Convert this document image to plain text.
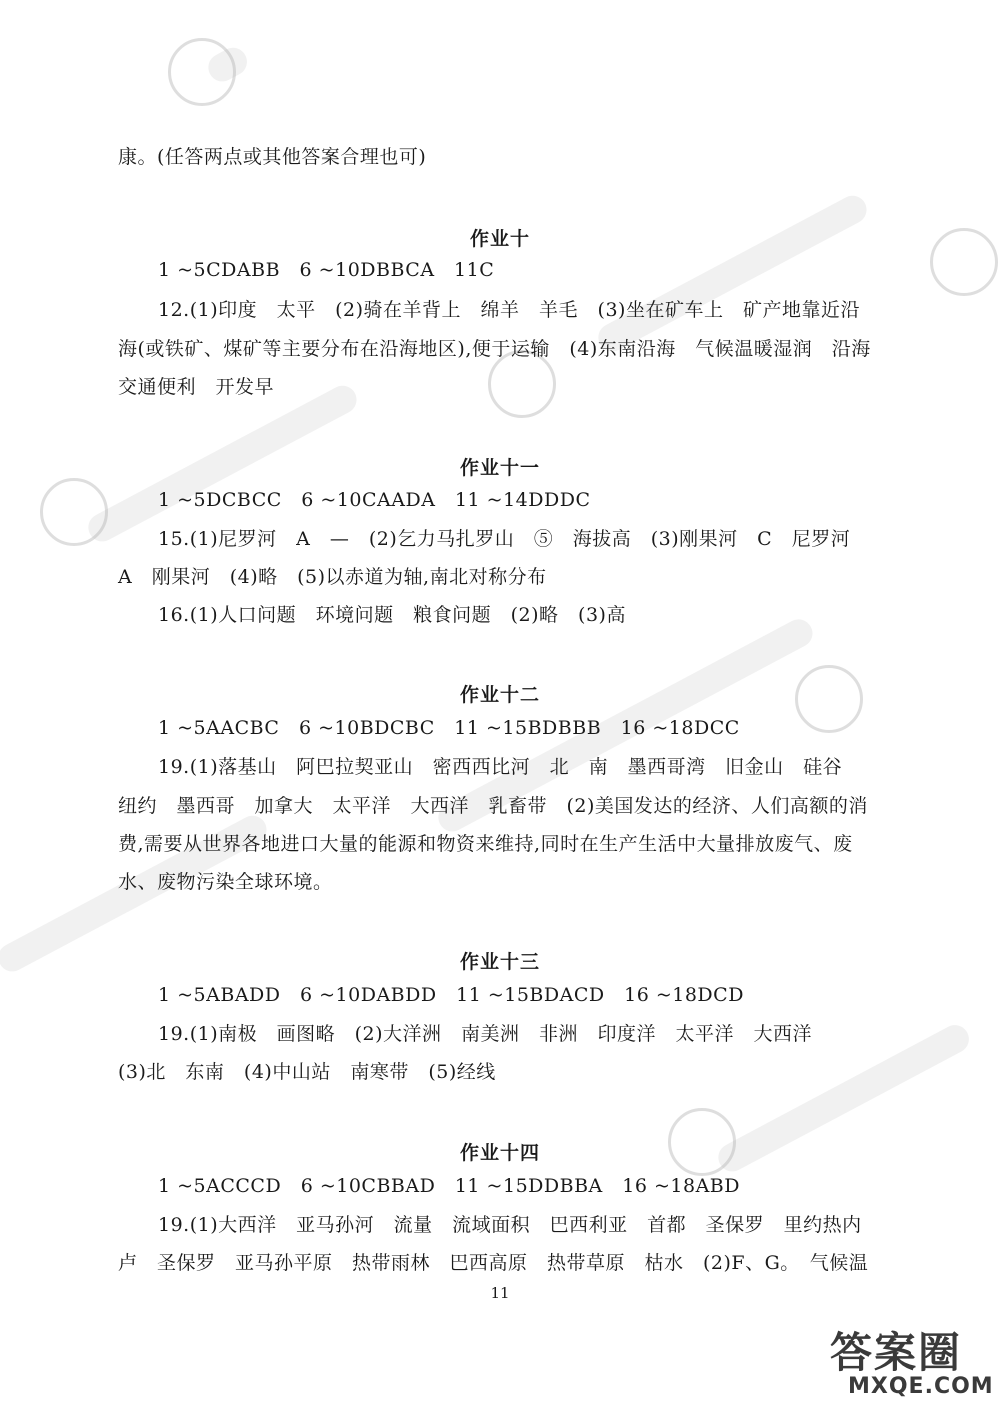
康。(任答两点或其他答案合理也可)
作业十
1 ~5CDABB　6 ~10DBBCA　11C
12.(1)印度　太平　(2)骑在羊背上　绵羊　羊毛　(3)坐在矿车上　矿产地靠近沿
海(或铁矿、煤矿等主要分布在沿海地区),便于运输　(4)东南沿海　气候温暖湿润　沿海
交通便利　开发早
作业十一
1 ~5DCBCC　6 ~10CAADA　11 ~14DDDC
15.(1)尼罗河　A　—　(2)乞力马扎罗山　⑤　海拔高　(3)刚果河　C　尼罗河
A　刚果河　(4)略　(5)以赤道为轴,南北对称分布
16.(1)人口问题　环境问题　粮食问题　(2)略　(3)高
作业十二
1 ~5AACBC　6 ~10BDCBC　11 ~15BDBBB　16 ~18DCC
19.(1)落基山　阿巴拉契亚山　密西西比河　北　南　墨西哥湾　旧金山　硅谷
纽约　墨西哥　加拿大　太平洋　大西洋　乳畜带　(2)美国发达的经济、人们高额的消
费,需要从世界各地进口大量的能源和物资来维持,同时在生产生活中大量排放废气、废
水、废物污染全球环境。
作业十三
1 ~5ABADD　6 ~10DABDD　11 ~15BDACD　16 ~18DCD
19.(1)南极　画图略　(2)大洋洲　南美洲　非洲　印度洋　太平洋　大西洋
(3)北　东南　(4)中山站　南寒带　(5)经线
作业十四
1 ~5ACCCD　6 ~10CBBAD　11 ~15DDBBA　16 ~18ABD
19.(1)大西洋　亚马孙河　流量　流域面积　巴西利亚　首都　圣保罗　里约热内
卢　圣保罗　亚马孙平原　热带雨林　巴西高原　热带草原　枯水　(2)F、G。　气候温
11
答案圈
MXQE.COM
